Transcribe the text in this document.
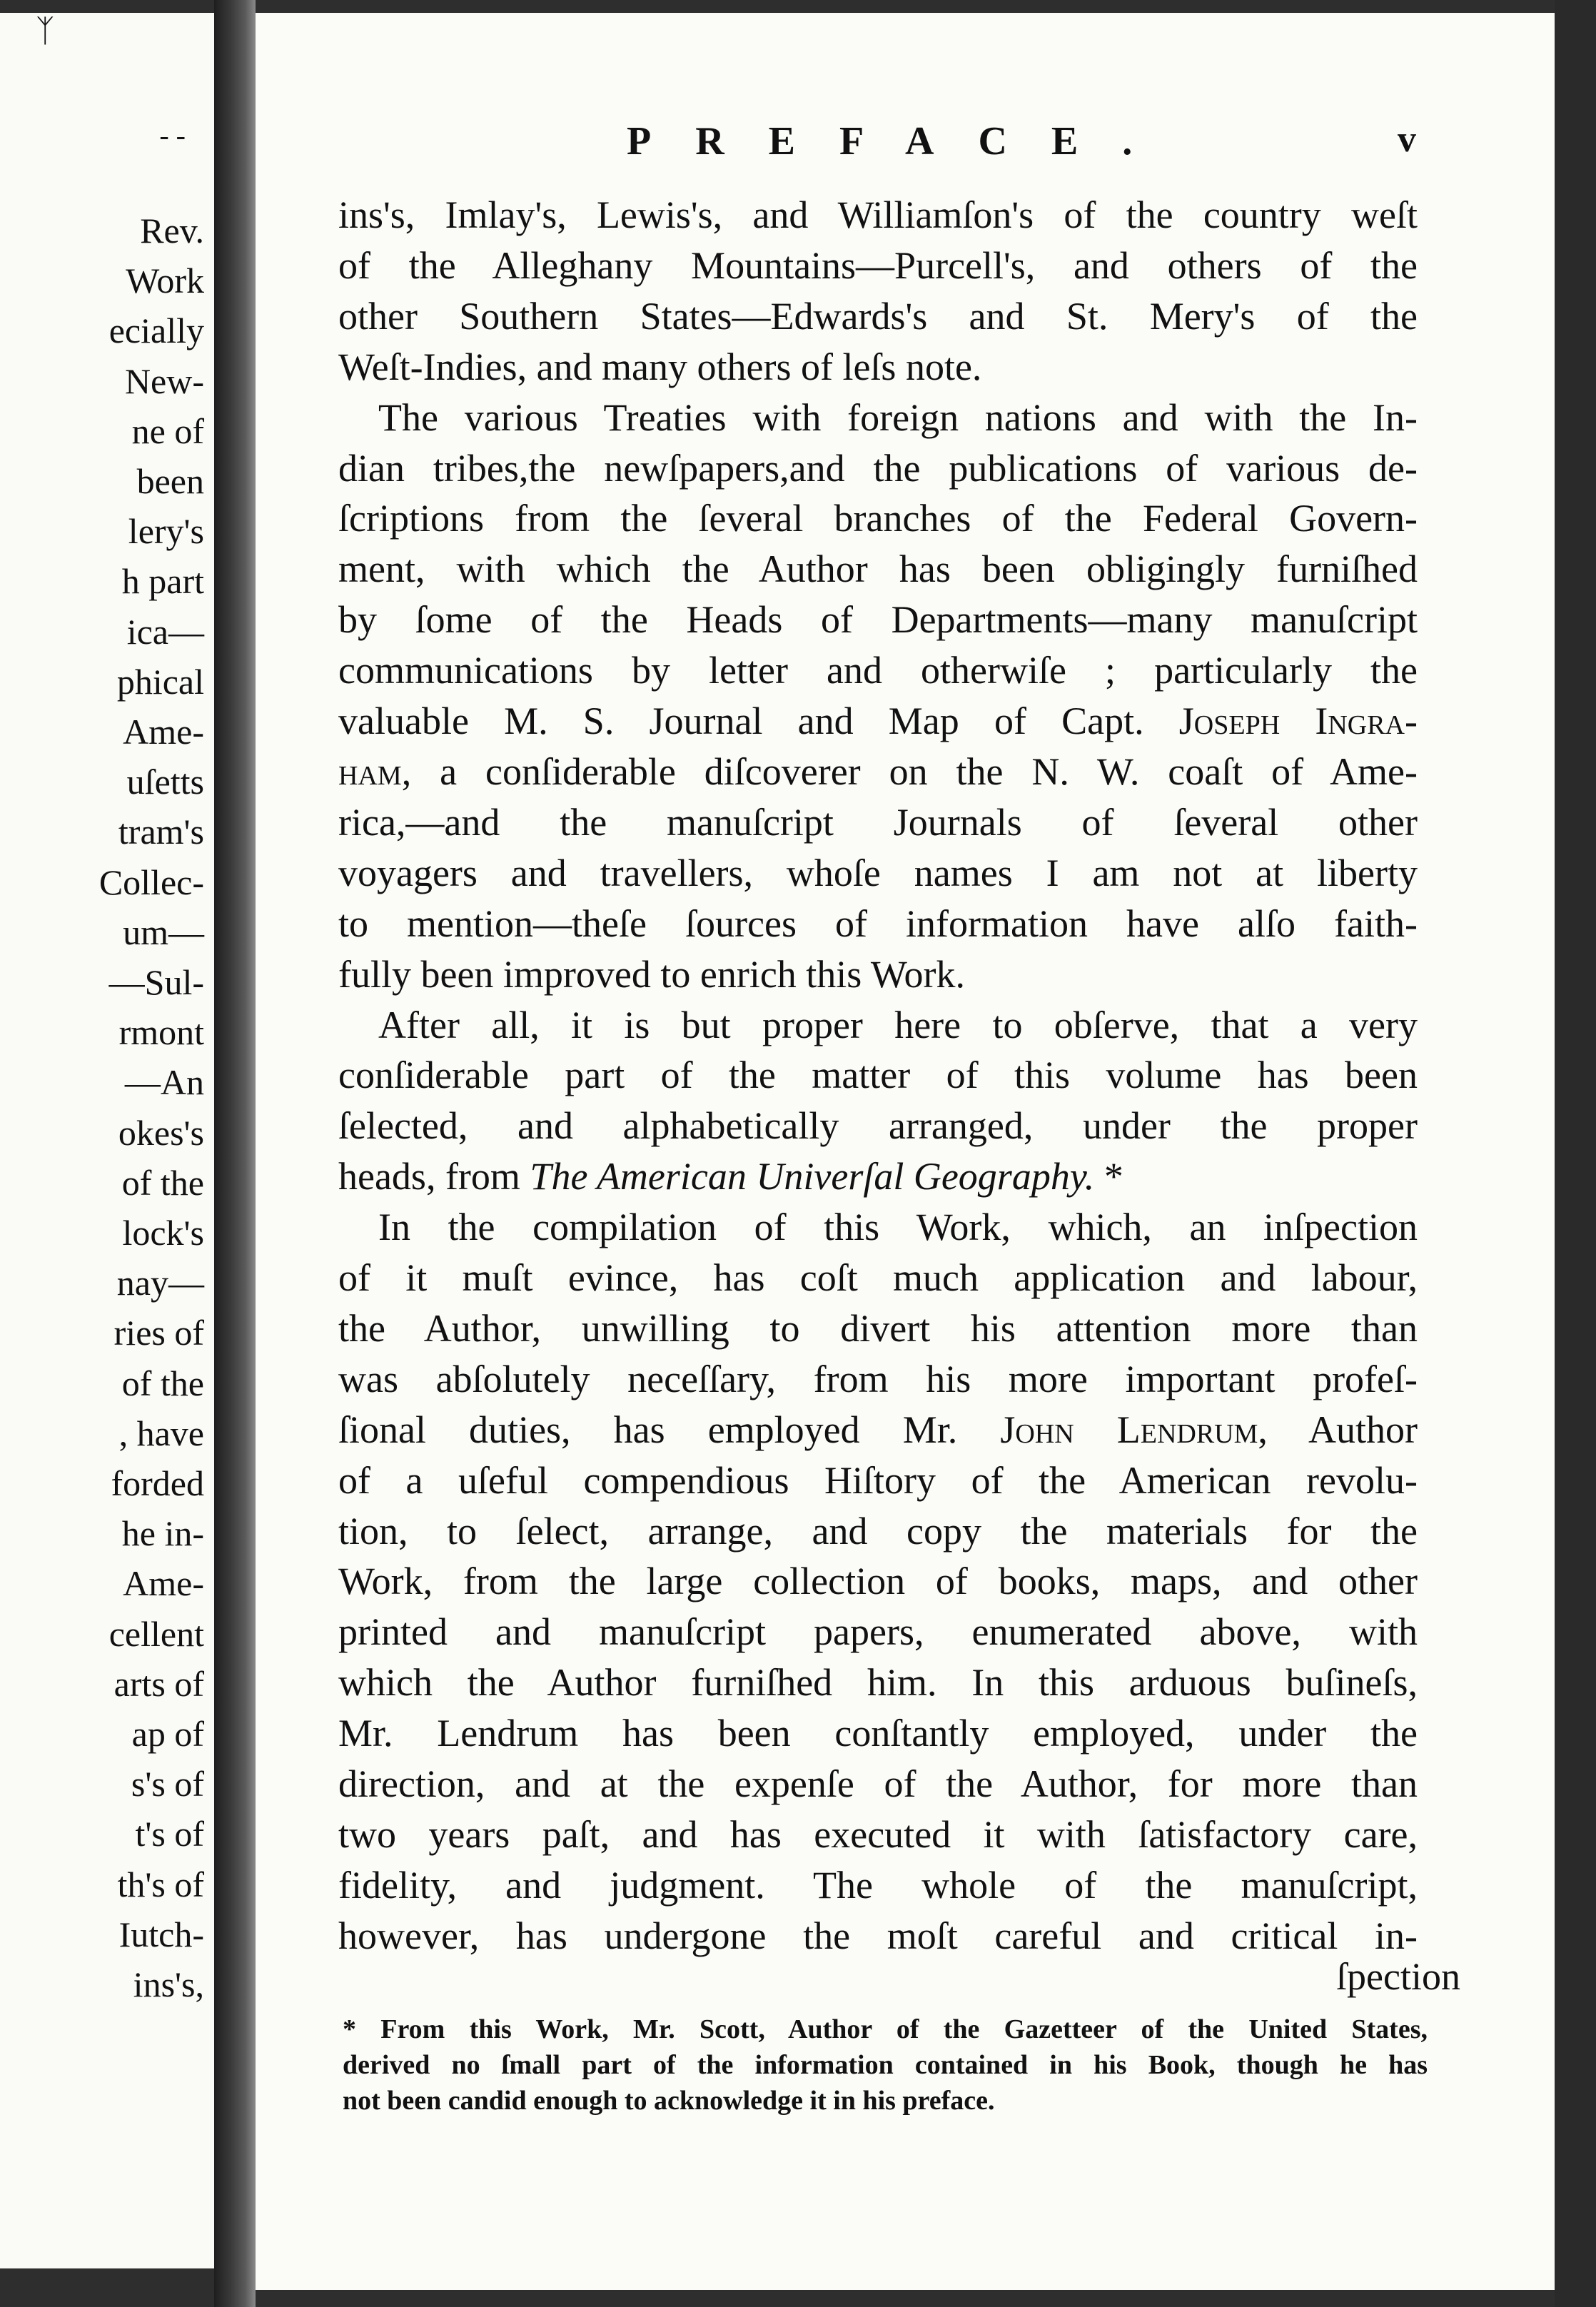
ᛉ
- -
Rev.
Work
ecially
New-
ne of
been
lery's
h part
ica—
phical
Ame-
uſetts
tram's
Collec-
um—
—Sul-
rmont
—An
okes's
of the
lock's
nay—
ries of
of the
, have
forded
he in-
Ame-
cellent
arts of
ap of
s's of
t's of
th's of
Iutch-
ins's,
PREFACE.	v

ins's, Imlay's, Lewis's, and Williamſon's of the country weſt
of the Alleghany Mountains—Purcell's, and others of the
other Southern States—Edwards's and St. Mery's of the
Weſt-Indies, and many others of leſs note.

The various Treaties with foreign nations and with the In-
dian tribes,the newſpapers,and the publications of various de-
ſcriptions from the ſeveral branches of the Federal Govern-
ment, with which the Author has been obligingly furniſhed
by ſome of the Heads of Departments—many manuſcript
communications by letter and otherwiſe ; particularly the
valuable M. S. Journal and Map of Capt. Joseph Ingra-
ham, a conſiderable diſcoverer on the N. W. coaſt of Ame-
rica,—and the manuſcript Journals of ſeveral other
voyagers and travellers, whoſe names I am not at liberty
to mention—theſe ſources of information have alſo faith-
fully been improved to enrich this Work.

After all, it is but proper here to obſerve, that a very
conſiderable part of the matter of this volume has been
ſelected, and alphabetically arranged, under the proper
heads, from The American Univerſal Geography. *

In the compilation of this Work, which, an inſpection
of it muſt evince, has coſt much application and labour,
the Author, unwilling to divert his attention more than
was abſolutely neceſſary, from his more important profeſ-
ſional duties, has employed Mr. John Lendrum, Author
of a uſeful compendious Hiſtory of the American revolu-
tion, to ſelect, arrange, and copy the materials for the
Work, from the large collection of books, maps, and other
printed and manuſcript papers, enumerated above, with
which the Author furniſhed him. In this arduous buſineſs,
Mr. Lendrum has been conſtantly employed, under the
direction, and at the expenſe of the Author, for more than
two years paſt, and has executed it with ſatisfactory care,
fidelity, and judgment. The whole of the manuſcript,
however, has undergone the moſt careful and critical in-

ſpection
* From this Work, Mr. Scott, Author of the Gazetteer of the United States,
derived no ſmall part of the information contained in his Book, though he has
not been candid enough to acknowledge it in his preface.
